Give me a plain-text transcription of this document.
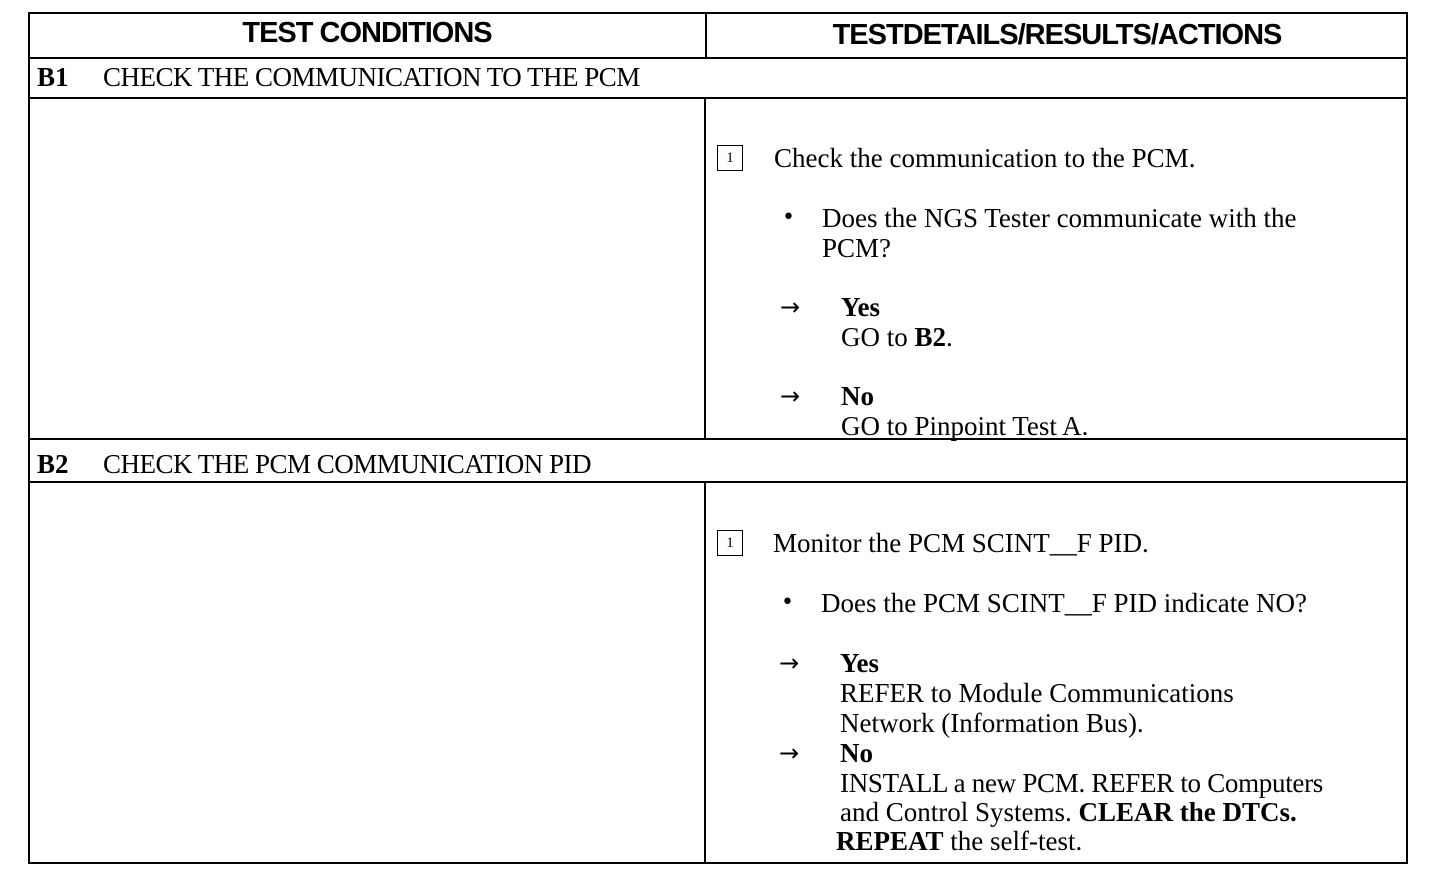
TEST CONDITIONS	TESTDETAILS/RESULTS/ACTIONS
B1 CHECK THE COMMUNICATION TO THE PCM
1	Check the communication to the PCM.
• Does the NGS Tester communicate with the
PCM?
→ Yes
GO to B2.
→ No
GO to Pinpoint Test A.
B2 CHECK THE PCM COMMUNICATION PID
1	Monitor the PCM SCINT__F PID.
• Does the PCM SCINT__F PID indicate NO?
→ Yes
REFER to Module Communications
Network (Information Bus).
→ No
INSTALL a new PCM. REFER to Computers
and Control Systems. CLEAR the DTCs.
REPEAT the self-test.
